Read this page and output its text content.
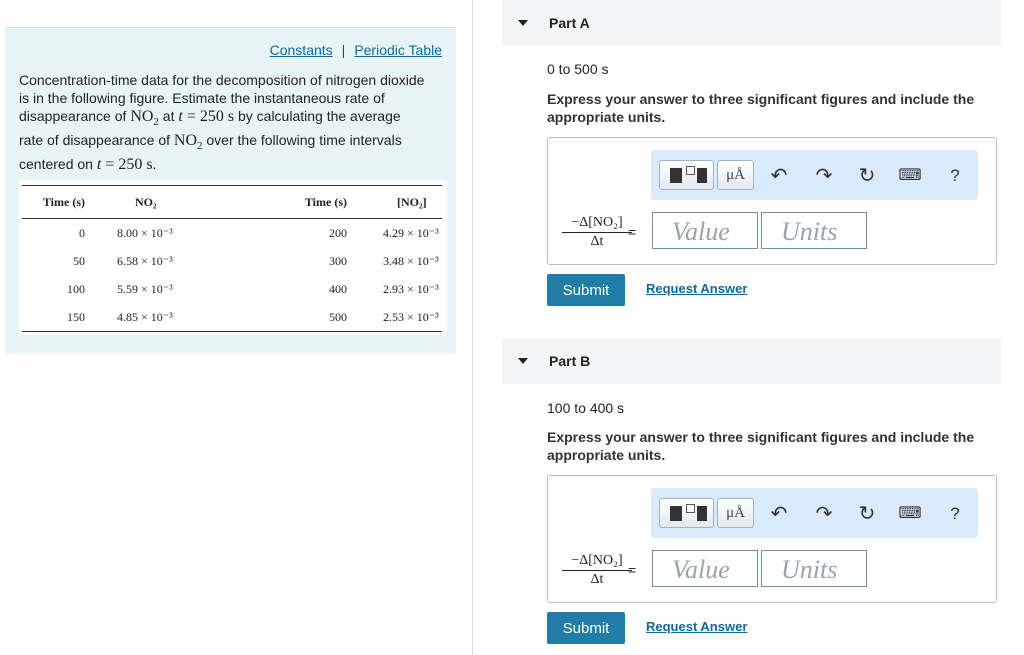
Constants | Periodic Table
Concentration-time data for the decomposition of nitrogen dioxide
is in the following figure. Estimate the instantaneous rate of
disappearance of $NO_2$ at t = 250 s by calculating the average
rate of disappearance of $NO_2$ over the following time intervals
centered on t = 250 s.
Time (s)	NO₂	Time (s)	[NO₂]
0	8.00 × 10⁻³	200	4.29 × 10⁻³
50	6.58 × 10⁻³	300	3.48 × 10⁻³
100	5.59 × 10⁻³	400	2.93 × 10⁻³
150	4.85 × 10⁻³	500	2.53 × 10⁻³
Part A
0 to 500 s
Express your answer to three significant figures and include the
appropriate units.
μÅ	↶ ↷ ↻ ⌨	?
$\frac{\text{−Δ[NO₂]}}{\Delta t}$
=
Value
Units
Submit	Request Answer
Part B
100 to 400 s
Express your answer to three significant figures and include the
appropriate units.
μÅ	↶ ↷ ↻ ⌨	?
$\frac{\text{−Δ[NO₂]}}{\Delta t}$
=
Value
Units
Submit	Request Answer
